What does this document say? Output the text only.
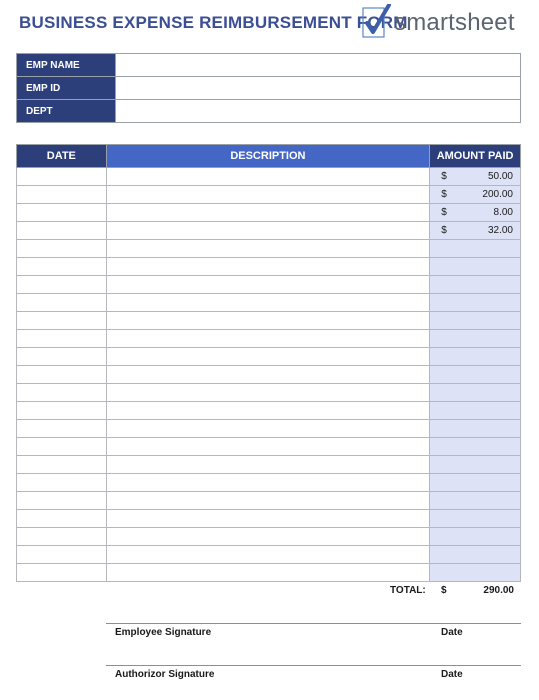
BUSINESS EXPENSE REIMBURSEMENT FORM
smartsheet
EMP NAME	
EMP ID	
DEPT	
DATE	DESCRIPTION	AMOUNT PAID

		$ 50.00

		$ 200.00

		$ 8.00

		$ 32.00

TOTAL: $	290.00
Employee Signature	Date
Authorizor Signature	Date
